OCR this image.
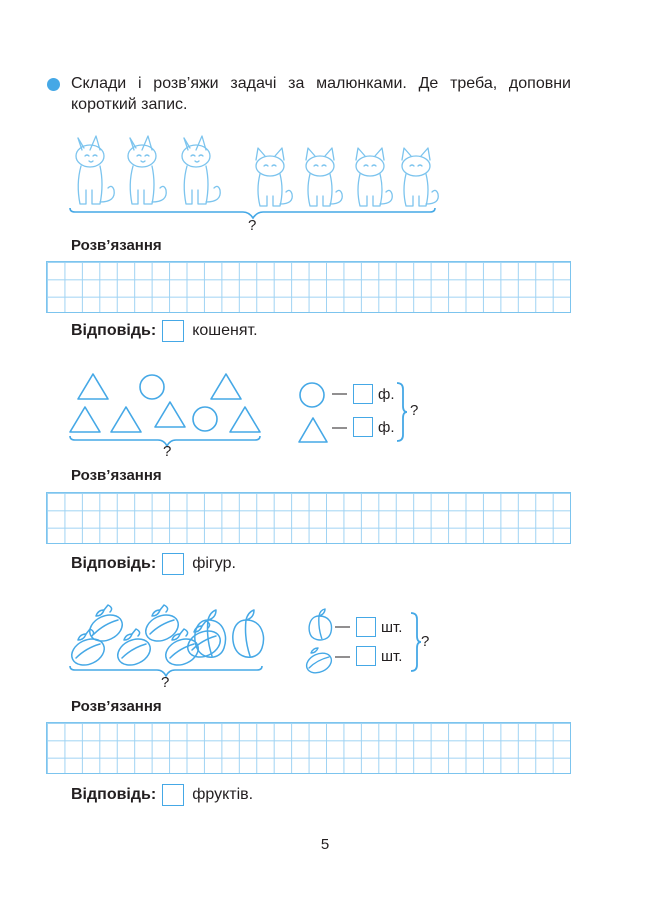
Склади і розв’яжи задачі за малюнками. Де треба, доповни
короткий запис.
?
Розв’язання
Відповідь: кошенят.
?
— ф.
— ф.
?
Розв’язання
Відповідь: фігур.
?
— шт.
— шт.
?
Розв’язання
Відповідь: фруктів.
5
